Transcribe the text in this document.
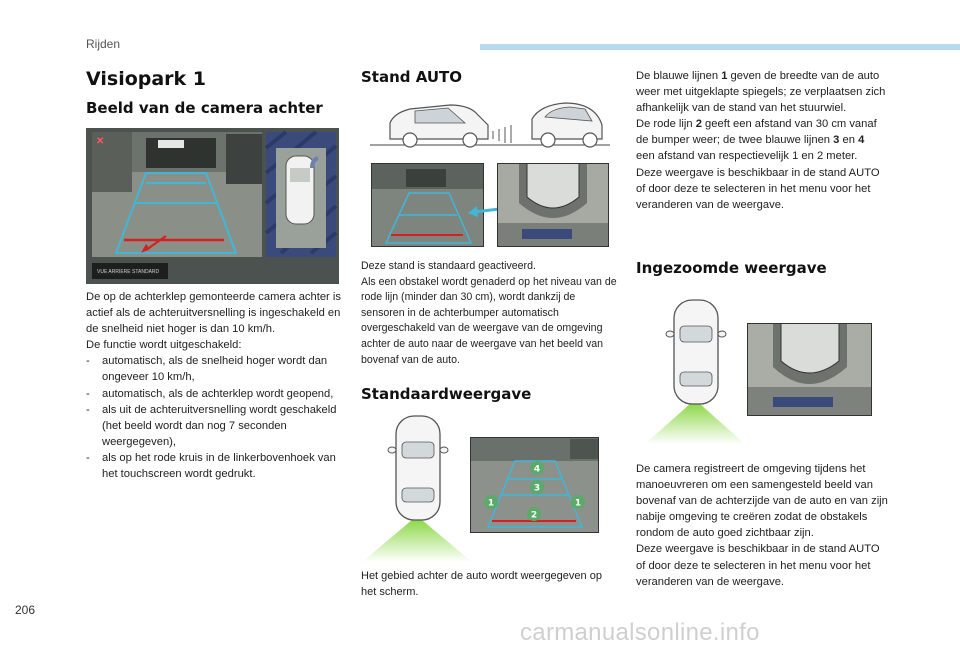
Rijden
Visiopark 1
Beeld van de camera achter
✕
VUE ARRIERE STANDARD

De op de achterklep gemonteerde camera achter is actief als de achteruitversnelling is ingeschakeld en de snelheid niet hoger is dan 10 km/h.

De functie wordt uitgeschakeld:

- automatisch, als de snelheid hoger wordt dan ongeveer 10 km/h,
- automatisch, als de achterklep wordt geopend,
- als uit de achteruitversnelling wordt geschakeld (het beeld wordt dan nog 7 seconden weergegeven),
- als op het rode kruis in de linkerbovenhoek van het touchscreen wordt gedrukt.
Stand AUTO

Deze stand is standaard geactiveerd.

Als een obstakel wordt genaderd op het niveau van de rode lijn (minder dan 30 cm), wordt dankzij de sensoren in de achterbumper automatisch overgeschakeld van de weergave van de omgeving achter de auto naar de weergave van het beeld van bovenaf van de auto.

Standaardweergave
4
3
1	1
2
Het gebied achter de auto wordt weergegeven op het scherm.

De blauwe lijnen 1 geven de breedte van de auto weer met uitgeklapte spiegels; ze verplaatsen zich afhankelijk van de stand van het stuurwiel.

De rode lijn 2 geeft een afstand van 30 cm vanaf de bumper weer; de twee blauwe lijnen 3 en 4 een afstand van respectievelijk 1 en 2 meter.

Deze weergave is beschikbaar in de stand AUTO of door deze te selecteren in het menu voor het veranderen van de weergave.

Ingezoomde weergave

De camera registreert de omgeving tijdens het manoeuvreren om een samengesteld beeld van bovenaf van de achterzijde van de auto en van zijn nabije omgeving te creëren zodat de obstakels rondom de auto goed zichtbaar zijn.

Deze weergave is beschikbaar in de stand AUTO of door deze te selecteren in het menu voor het veranderen van de weergave.

206
carmanualsonline.info
